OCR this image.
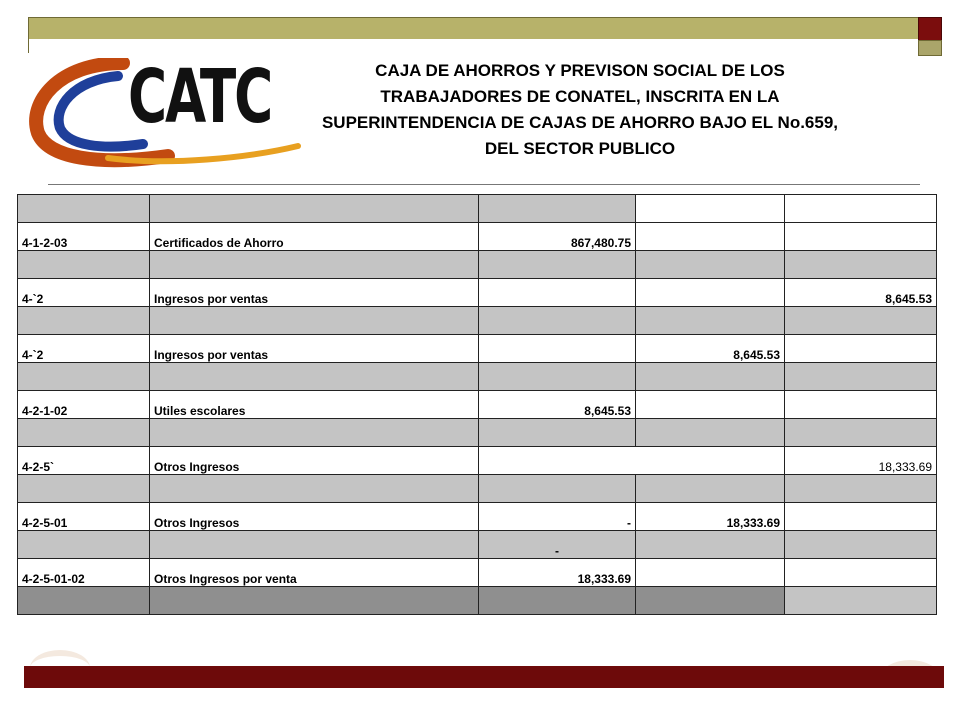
CATC	CAJA DE AHORROS Y PREVISON SOCIAL DE LOS
TRABAJADORES DE CONATEL, INSCRITA EN LA
SUPERINTENDENCIA DE CAJAS DE AHORRO BAJO EL No.659,
DEL SECTOR PUBLICO

4-1-2-03	Certificados de Ahorro	867,480.75		

4-`2	Ingresos por ventas			8,645.53

4-`2	Ingresos por ventas		8,645.53	

4-2-1-02	Utiles escolares	8,645.53		

4-2-5`	Otros Ingresos			18,333.69

4-2-5-01	Otros Ingresos	-	18,333.69	
		-		
4-2-5-01-02	Otros Ingresos por venta	18,333.69		
